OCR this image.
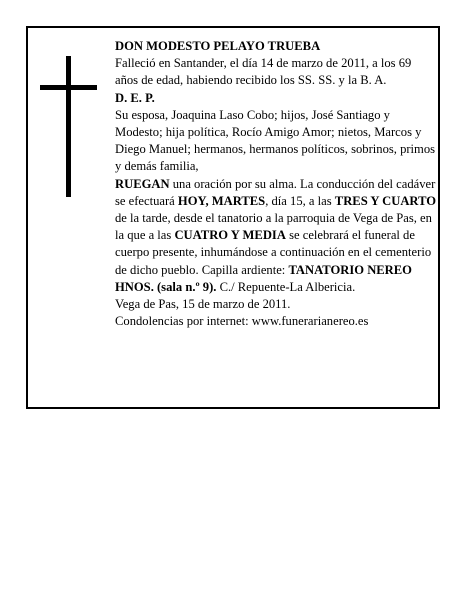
DON MODESTO PELAYO TRUEBA

Falleció en Santander, el día 14 de marzo de 2011, a los 69 años de edad, habiendo recibido los SS. SS. y la B. A.

D. E. P.

Su esposa, Joaquina Laso Cobo; hijos, José Santiago y Modesto; hija política, Rocío Amigo Amor; nietos, Marcos y Diego Manuel; hermanos, hermanos políticos, sobrinos, primos y demás familia,

RUEGAN una oración por su alma. La conducción del cadáver se efectuará HOY, MARTES, día 15, a las TRES Y CUARTO de la tarde, desde el tanatorio a la parroquia de Vega de Pas, en la que a las CUATRO Y MEDIA se celebrará el funeral de cuerpo presente, inhumándose a continuación en el cementerio de dicho pueblo. Capilla ardiente: TANATORIO NEREO HNOS. (sala n.º 9). C./ Repuente-La Albericia.

Vega de Pas, 15 de marzo de 2011.

Condolencias por internet: www.funerarianereo.es
